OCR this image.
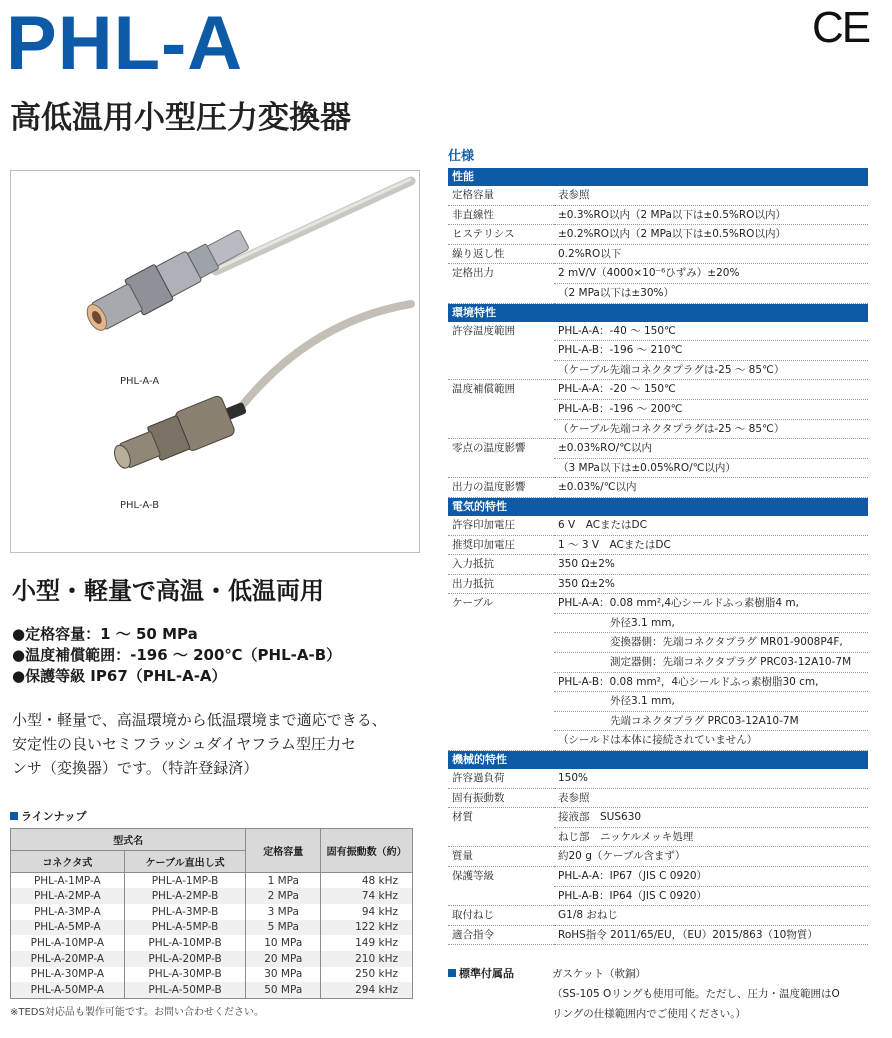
PHL-A	CE
高低温用小型圧力変換器
PHL-A-A
PHL-A-B
小型・軽量で高温・低温両用
●定格容量：1 ～ 50 MPa
●温度補償範囲：-196 ～ 200℃（PHL-A-B）
●保護等級 IP67（PHL-A-A）
小型・軽量で、高温環境から低温環境まで適応できる、
安定性の良いセミフラッシュダイヤフラム型圧力セ
ンサ（変換器）です。（特許登録済）
ラインナップ
型式名		定格容量	固有振動数（約）
コネクタ式	ケーブル直出し式		
PHL-A-1MP-A	PHL-A-1MP-B	1 MPa	48 kHz
PHL-A-2MP-A	PHL-A-2MP-B	2 MPa	74 kHz
PHL-A-3MP-A	PHL-A-3MP-B	3 MPa	94 kHz
PHL-A-5MP-A	PHL-A-5MP-B	5 MPa	122 kHz
PHL-A-10MP-A	PHL-A-10MP-B	10 MPa	149 kHz
PHL-A-20MP-A	PHL-A-20MP-B	20 MPa	210 kHz
PHL-A-30MP-A	PHL-A-30MP-B	30 MPa	250 kHz
PHL-A-50MP-A	PHL-A-50MP-B	50 MPa	294 kHz
※TEDS対応品も製作可能です。お問い合わせください。
仕様
性能
定格容量	表参照
非直線性	±0.3%RO以内（2 MPa以下は±0.5%RO以内）
ヒステリシス	±0.2%RO以内（2 MPa以下は±0.5%RO以内）
繰り返し性	0.2%RO以下
定格出力	2 mV/V（4000×10⁻⁶ひずみ）±20%
（2 MPa以下は±30%）
環境特性
許容温度範囲	PHL-A-A：-40 ～ 150℃
PHL-A-B：-196 ～ 210℃
（ケーブル先端コネクタプラグは-25 ～ 85℃）
温度補償範囲	PHL-A-A：-20 ～ 150℃
PHL-A-B：-196 ～ 200℃
（ケーブル先端コネクタプラグは-25 ～ 85℃）
零点の温度影響	±0.03%RO/℃以内
（3 MPa以下は±0.05%RO/℃以内）
出力の温度影響	±0.03%/℃以内
電気的特性
許容印加電圧	6 V　ACまたはDC
推奨印加電圧	1 ～ 3 V　ACまたはDC
入力抵抗	350 Ω±2%
出力抵抗	350 Ω±2%
ケーブル	PHL-A-A：0.08 mm²,4心シールドふっ素樹脂4 m,
外径3.1 mm,
変換器側：先端コネクタプラグ MR01-9008P4F,
測定器側：先端コネクタプラグ PRC03-12A10-7M
PHL-A-B：0.08 mm²，4心シールドふっ素樹脂30 cm,
外径3.1 mm,
先端コネクタプラグ PRC03-12A10-7M
（シールドは本体に接続されていません）
機械的特性
許容過負荷	150%
固有振動数	表参照
材質	接液部　SUS630
ねじ部　ニッケルメッキ処理
質量	約20 g（ケーブル含まず）
保護等級	PHL-A-A：IP67（JIS C 0920）
PHL-A-B：IP64（JIS C 0920）
取付ねじ	G1/8 おねじ
適合指令	RoHS指令 2011/65/EU，（EU）2015/863（10物質）
標準付属品	ガスケット（軟銅）
（SS-105 Oリングも使用可能。ただし、圧力・温度範囲はO
リングの仕様範囲内でご使用ください。）
